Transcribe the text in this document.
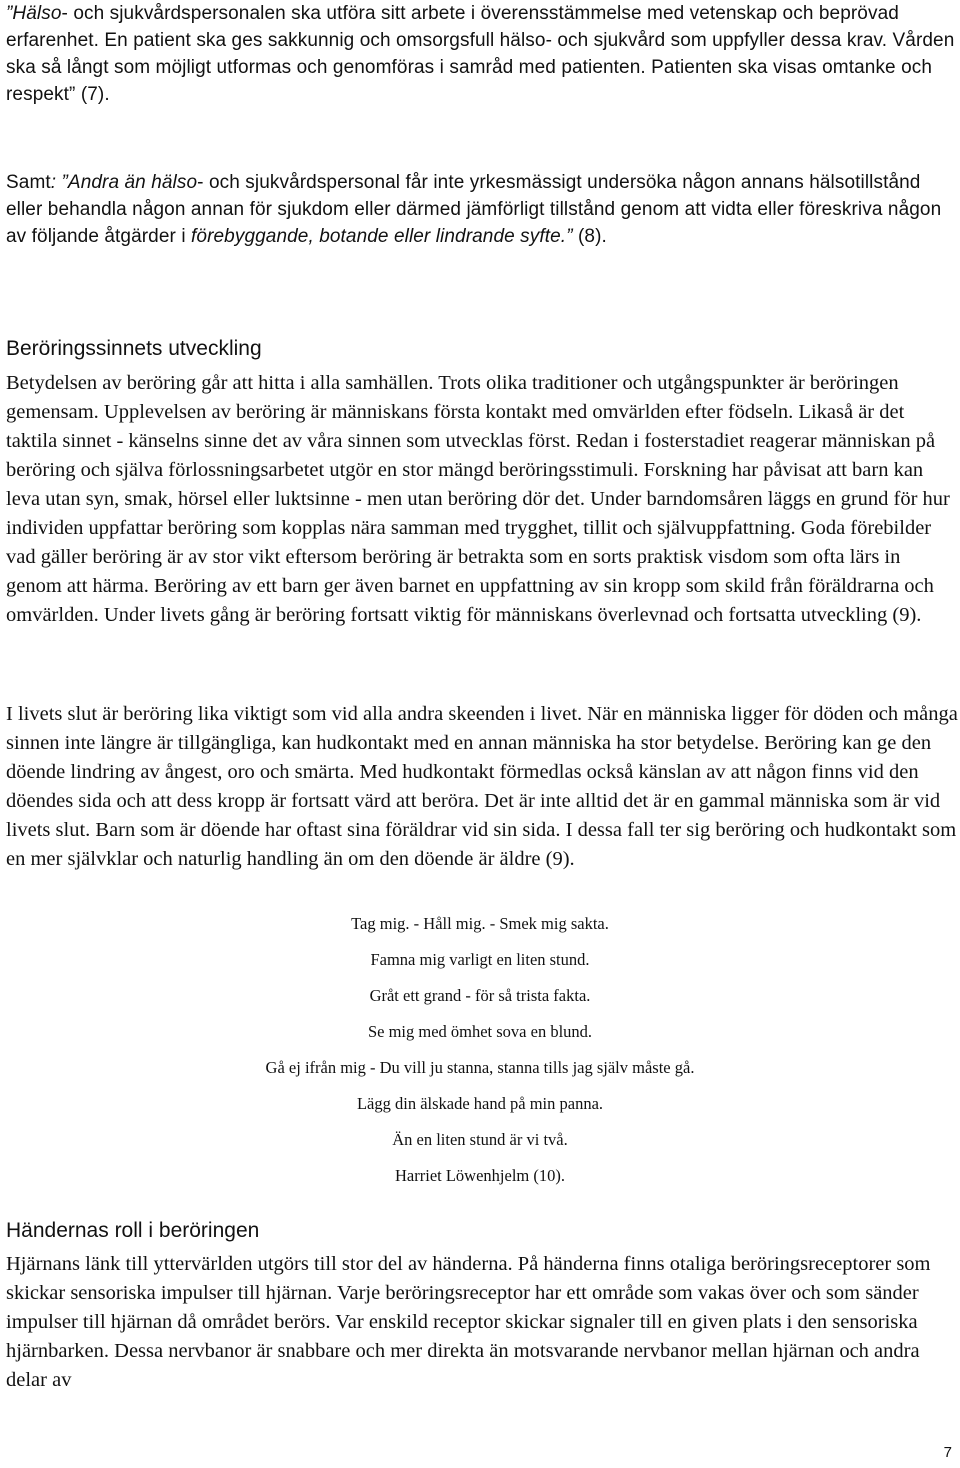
”Hälso- och sjukvårdspersonalen ska utföra sitt arbete i överensstämmelse med vetenskap och beprövad erfarenhet. En patient ska ges sakkunnig och omsorgsfull hälso- och sjukvård som uppfyller dessa krav. Vården ska så långt som möjligt utformas och genomföras i samråd med patienten. Patienten ska visas omtanke och respekt” (7).
Samt: ”Andra än hälso- och sjukvårdspersonal får inte yrkesmässigt undersöka någon annans hälsotillstånd eller behandla någon annan för sjukdom eller därmed jämförligt tillstånd genom att vidta eller föreskriva någon av följande åtgärder i förebyggande, botande eller lindrande syfte.” (8).
Beröringssinnets utveckling
Betydelsen av beröring går att hitta i alla samhällen. Trots olika traditioner och utgångspunkter är beröringen gemensam. Upplevelsen av beröring är människans första kontakt med omvärlden efter födseln. Likaså är det taktila sinnet - känselns sinne det av våra sinnen som utvecklas först. Redan i fosterstadiet reagerar människan på beröring och själva förlossningsarbetet utgör en stor mängd beröringsstimuli. Forskning har påvisat att barn kan leva utan syn, smak, hörsel eller luktsinne - men utan beröring dör det. Under barndomsåren läggs en grund för hur individen uppfattar beröring som kopplas nära samman med trygghet, tillit och självuppfattning. Goda förebilder vad gäller beröring är av stor vikt eftersom beröring är betrakta som en sorts praktisk visdom som ofta lärs in genom att härma. Beröring av ett barn ger även barnet en uppfattning av sin kropp som skild från föräldrarna och omvärlden. Under livets gång är beröring fortsatt viktig för människans överlevnad och fortsatta utveckling (9).
I livets slut är beröring lika viktigt som vid alla andra skeenden i livet. När en människa ligger för döden och många sinnen inte längre är tillgängliga, kan hudkontakt med en annan människa ha stor betydelse. Beröring kan ge den döende lindring av ångest, oro och smärta. Med hudkontakt förmedlas också känslan av att någon finns vid den döendes sida och att dess kropp är fortsatt värd att beröra. Det är inte alltid det är en gammal människa som är vid livets slut. Barn som är döende har oftast sina föräldrar vid sin sida. I dessa fall ter sig beröring och hudkontakt som en mer självklar och naturlig handling än om den döende är äldre (9).
Tag mig. - Håll mig. - Smek mig sakta.
Famna mig varligt en liten stund.
Gråt ett grand - för så trista fakta.
Se mig med ömhet sova en blund.
Gå ej ifrån mig - Du vill ju stanna, stanna tills jag själv måste gå.
Lägg din älskade hand på min panna.
Än en liten stund är vi två.
Harriet Löwenhjelm (10).
Händernas roll i beröringen
Hjärnans länk till yttervärlden utgörs till stor del av händerna. På händerna finns otaliga beröringsreceptorer som skickar sensoriska impulser till hjärnan. Varje beröringsreceptor har ett område som vakas över och som sänder impulser till hjärnan då området berörs. Var enskild receptor skickar signaler till en given plats i den sensoriska hjärnbarken. Dessa nervbanor är snabbare och mer direkta än motsvarande nervbanor mellan hjärnan och andra delar av
7
